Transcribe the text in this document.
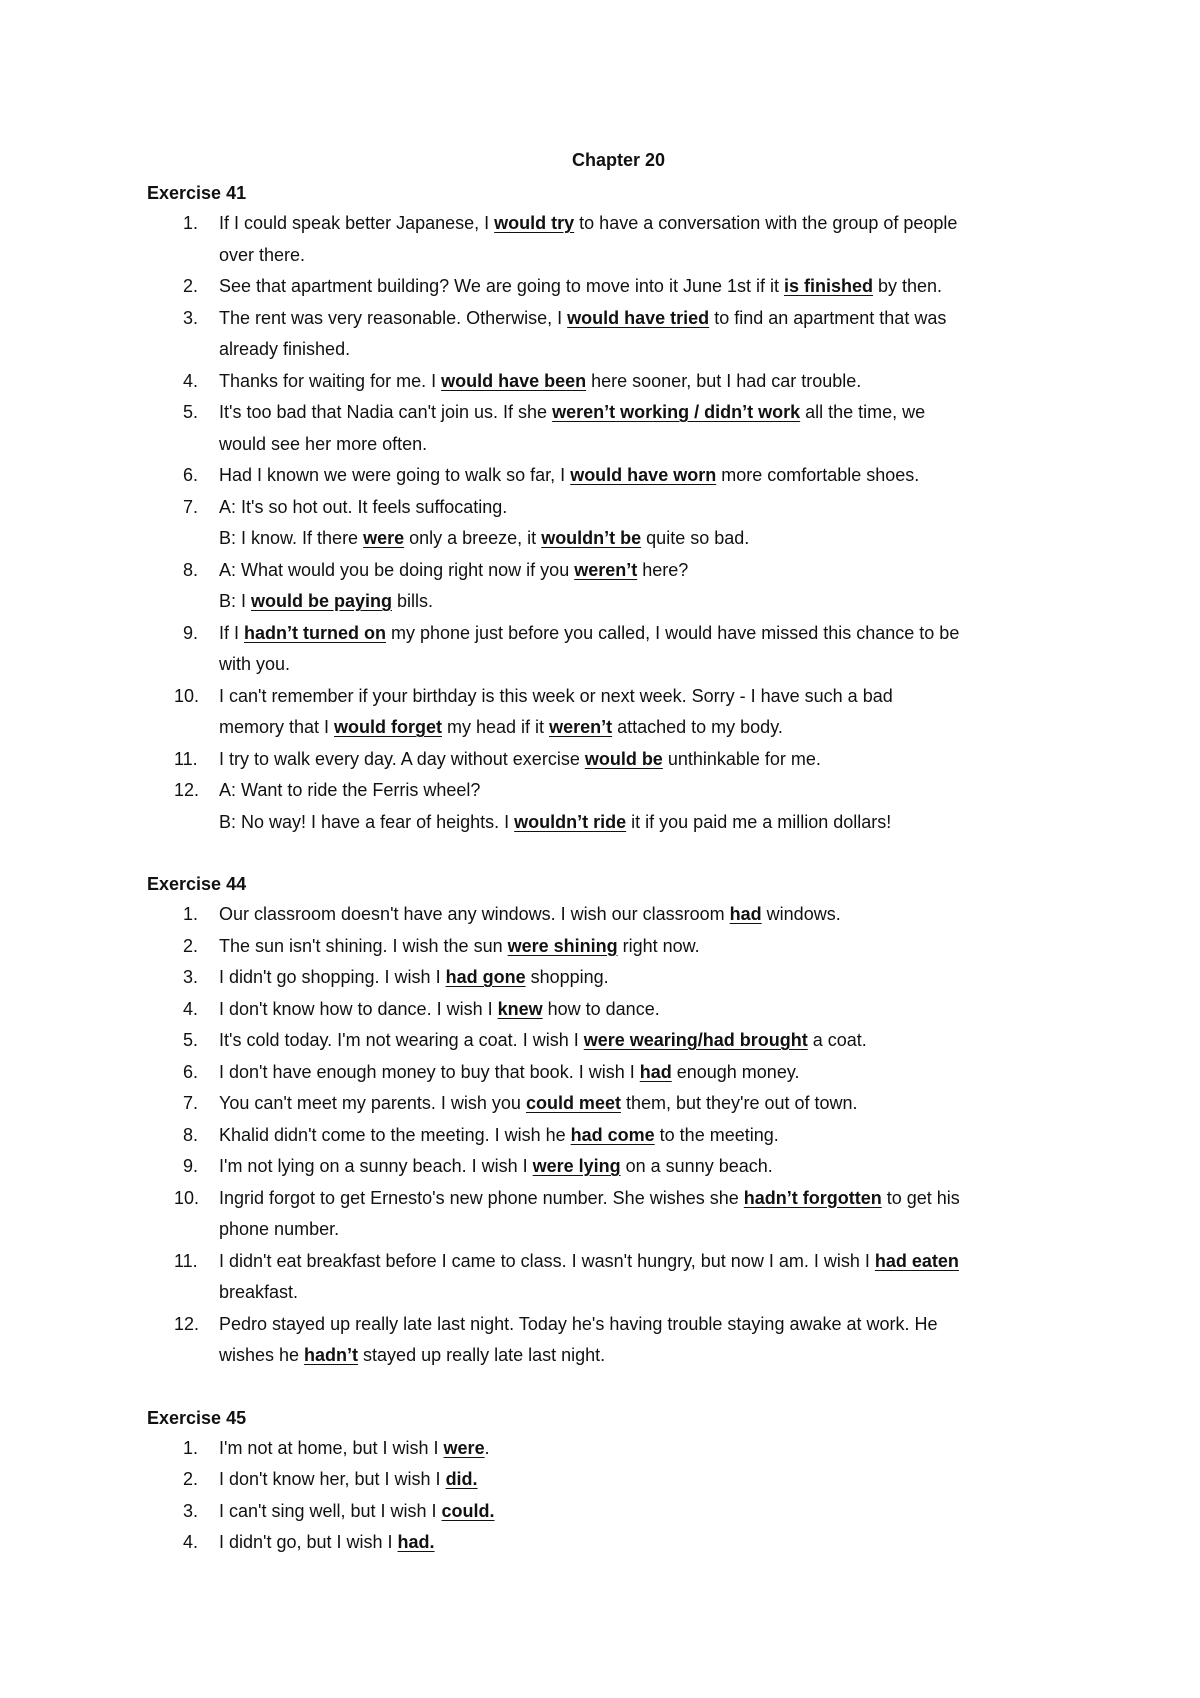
Chapter 20
Exercise 41
1. If I could speak better Japanese, I would try to have a conversation with the group of people
over there.
2. See that apartment building? We are going to move into it June 1st if it is finished by then.
3. The rent was very reasonable. Otherwise, I would have tried to find an apartment that was
already finished.
4. Thanks for waiting for me. I would have been here sooner, but I had car trouble.
5. It's too bad that Nadia can't join us. If she weren’t working / didn’t work all the time, we
would see her more often.
6. Had I known we were going to walk so far, I would have worn more comfortable shoes.
7. A: It's so hot out. It feels suffocating.
B: I know. If there were only a breeze, it wouldn’t be quite so bad.
8. A: What would you be doing right now if you weren’t here?
B: I would be paying bills.
9. If I hadn’t turned on my phone just before you called, I would have missed this chance to be
with you.
10. I can't remember if your birthday is this week or next week. Sorry - I have such a bad
memory that I would forget my head if it weren’t attached to my body.
11. I try to walk every day. A day without exercise would be unthinkable for me.
12. A: Want to ride the Ferris wheel?
B: No way! I have a fear of heights. I wouldn’t ride it if you paid me a million dollars!
Exercise 44
1. Our classroom doesn't have any windows. I wish our classroom had windows.
2. The sun isn't shining. I wish the sun were shining right now.
3. I didn't go shopping. I wish I had gone shopping.
4. I don't know how to dance. I wish I knew how to dance.
5. It's cold today. I'm not wearing a coat. I wish I were wearing/had brought a coat.
6. I don't have enough money to buy that book. I wish I had enough money.
7. You can't meet my parents. I wish you could meet them, but they're out of town.
8. Khalid didn't come to the meeting. I wish he had come to the meeting.
9. I'm not lying on a sunny beach. I wish I were lying on a sunny beach.
10. Ingrid forgot to get Ernesto's new phone number. She wishes she hadn’t forgotten to get his
phone number.
11. I didn't eat breakfast before I came to class. I wasn't hungry, but now I am. I wish I had eaten
breakfast.
12. Pedro stayed up really late last night. Today he's having trouble staying awake at work. He
wishes he hadn’t stayed up really late last night.
Exercise 45
1. I'm not at home, but I wish I were.
2. I don't know her, but I wish I did.
3. I can't sing well, but I wish I could.
4. I didn't go, but I wish I had.
